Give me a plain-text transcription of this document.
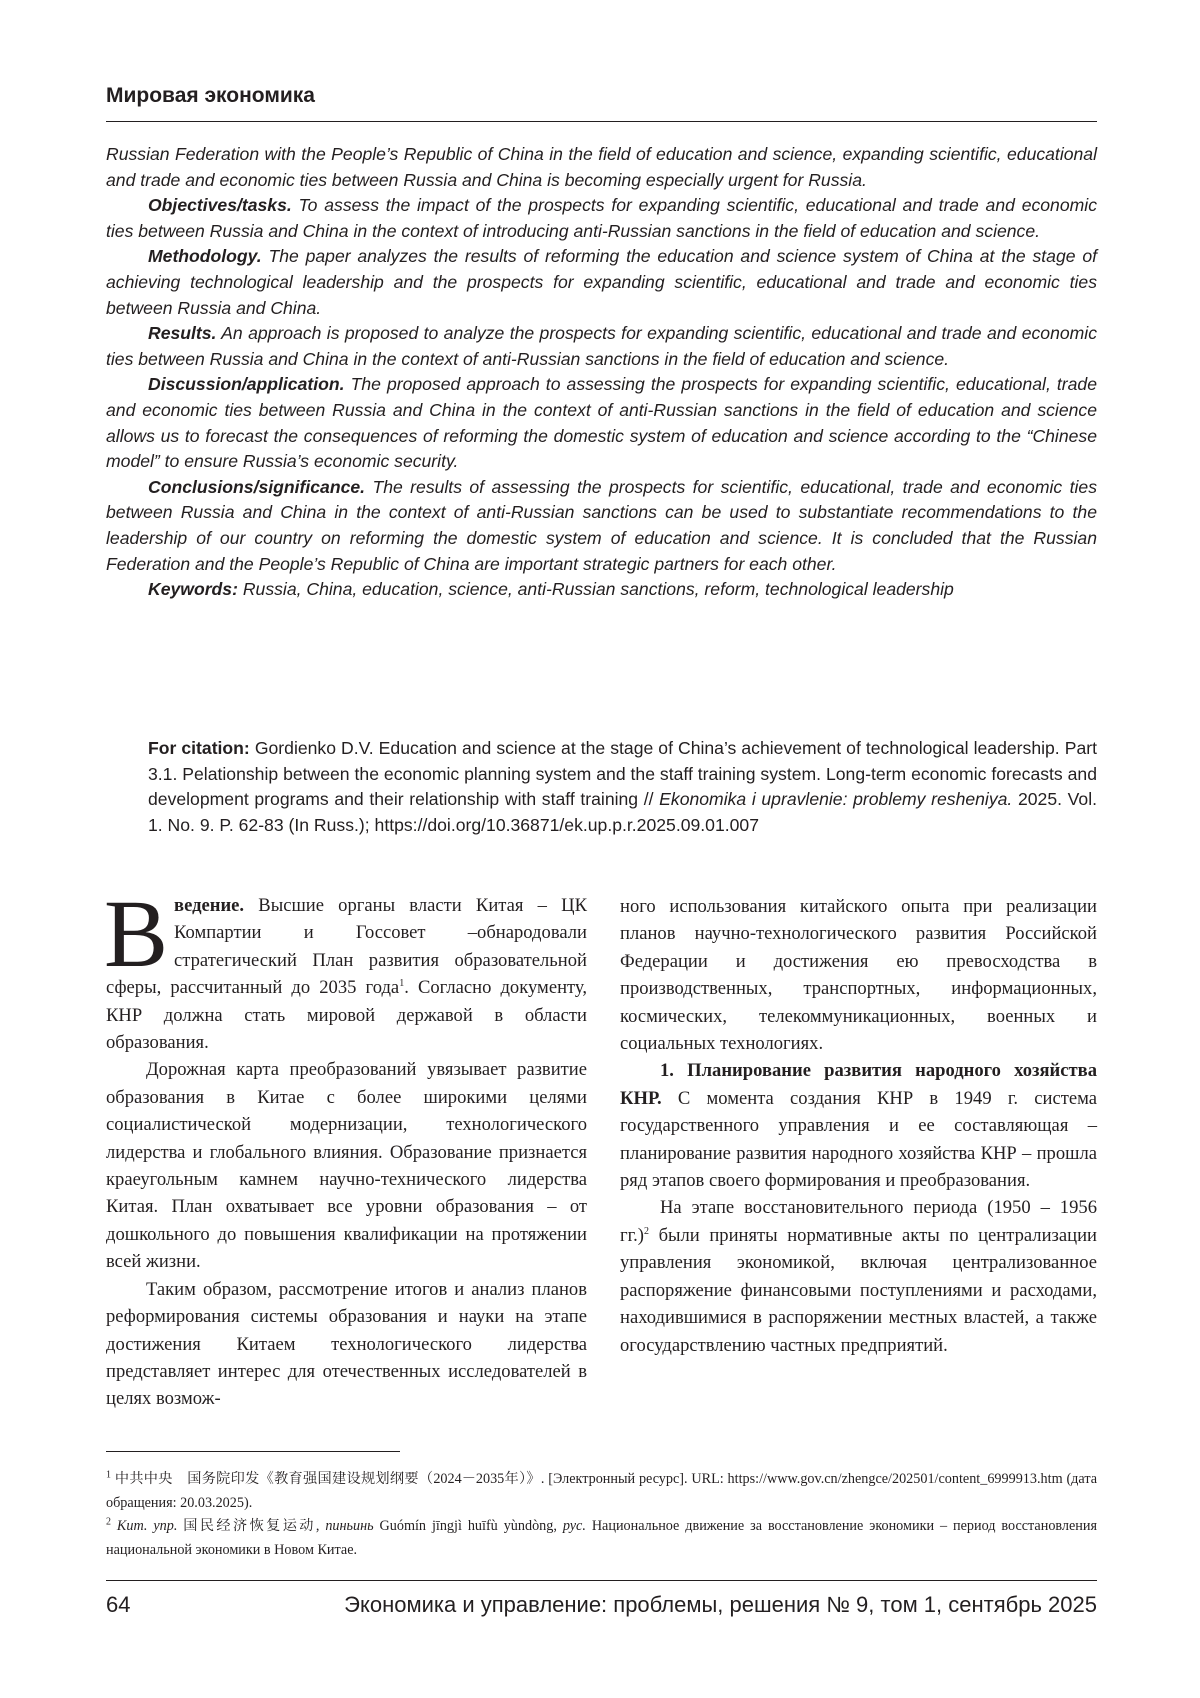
Мировая экономика

Russian Federation with the People’s Republic of China in the field of education and science, expanding scientific, educational and trade and economic ties between Russia and China is becoming especially urgent for Russia.

Objectives/tasks. To assess the impact of the prospects for expanding scientific, educational and trade and economic ties between Russia and China in the context of introducing anti-Russian sanctions in the field of education and science.

Methodology. The paper analyzes the results of reforming the education and science system of China at the stage of achieving technological leadership and the prospects for expanding scientific, educational and trade and economic ties between Russia and China.

Results. An approach is proposed to analyze the prospects for expanding scientific, educational and trade and economic ties between Russia and China in the context of anti-Russian sanctions in the field of education and science.

Discussion/application. The proposed approach to assessing the prospects for expanding scientific, educational, trade and economic ties between Russia and China in the context of anti-Russian sanctions in the field of education and science allows us to forecast the consequences of reforming the domestic system of education and science according to the “Chinese model” to ensure Russia’s economic security.

Conclusions/significance. The results of assessing the prospects for scientific, educational, trade and economic ties between Russia and China in the context of anti-Russian sanctions can be used to substantiate recommendations to the leadership of our country on reforming the domestic system of education and science. It is concluded that the Russian Federation and the People’s Republic of China are important strategic partners for each other.

Keywords: Russia, China, education, science, anti-Russian sanctions, reform, technological leadership

For citation: Gordienko D.V. Education and science at the stage of China’s achievement of technological leadership. Part 3.1. Pelationship between the economic planning system and the staff training system. Long-term economic forecasts and development programs and their relationship with staff training // Ekonomika i upravlenie: problemy resheniya. 2025. Vol. 1. No. 9. P. 62-83 (In Russ.); https://doi.org/10.36871/ek.up.p.r.2025.09.01.007

В ведение. Высшие органы власти Китая – ЦК Компартии и Госсовет –обнародовали стратегический План развития образовательной сферы, рассчитанный до 2035 года1. Согласно документу, КНР должна стать мировой державой в области образования.

Дорожная карта преобразований увязывает развитие образования в Китае с более широкими целями социалистической модернизации, технологического лидерства и глобального влияния. Образование признается краеугольным камнем научно-технического лидерства Китая. План охватывает все уровни образования – от дошкольного до повышения квалификации на протяжении всей жизни.

Таким образом, рассмотрение итогов и анализ планов реформирования системы образования и науки на этапе достижения Китаем технологического лидерства представляет интерес для отечественных исследователей в целях возмож-

ного использования китайского опыта при реализации планов научно-технологического развития Российской Федерации и достижения ею превосходства в производственных, транспортных, информационных, космических, телекоммуникационных, военных и социальных технологиях.

1. Планирование развития народного хозяйства КНР. С момента создания КНР в 1949 г. система государственного управления и ее составляющая – планирование развития народного хозяйства КНР – прошла ряд этапов своего формирования и преобразования.

На этапе восстановительного периода (1950 – 1956 гг.)2 были приняты нормативные акты по централизации управления экономикой, включая централизованное распоряжение финансовыми поступлениями и расходами, находившимися в распоряжении местных властей, а также огосударствлению частных предприятий.

1 中共中央　国务院印发《教育强国建设规划纲要（2024－2035年）》. [Электронный ресурс]. URL: https://www.gov.cn/zhengce/202501/content_6999913.htm (дата обращения: 20.03.2025).

2 Кит. упр. 国民经济恢复运动, пиньинь Guómín jīngjì huīfù yùndòng, рус. Национальное движение за восстановление экономики – период восстановления национальной экономики в Новом Китае.

64	Экономика и управление: проблемы, решения № 9, том 1, сентябрь 2025
